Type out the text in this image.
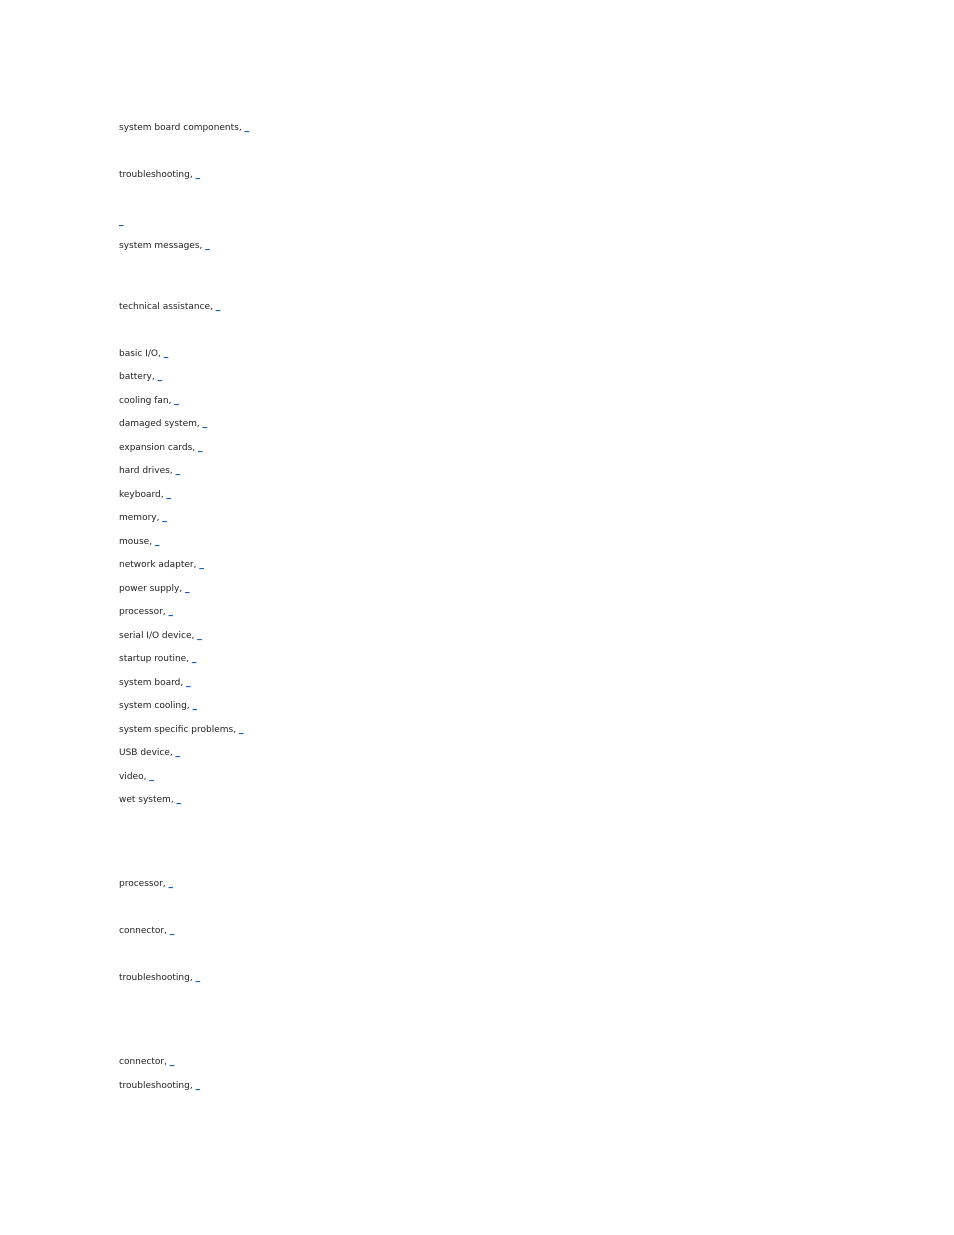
system board components, _
troubleshooting, _
_
system messages, _
technical assistance, _
basic I/O, _
battery, _
cooling fan, _
damaged system, _
expansion cards, _
hard drives, _
keyboard, _
memory, _
mouse, _
network adapter, _
power supply, _
processor, _
serial I/O device, _
startup routine, _
system board, _
system cooling, _
system specific problems, _
USB device, _
video, _
wet system, _
processor, _
connector, _
troubleshooting, _
connector, _
troubleshooting, _
